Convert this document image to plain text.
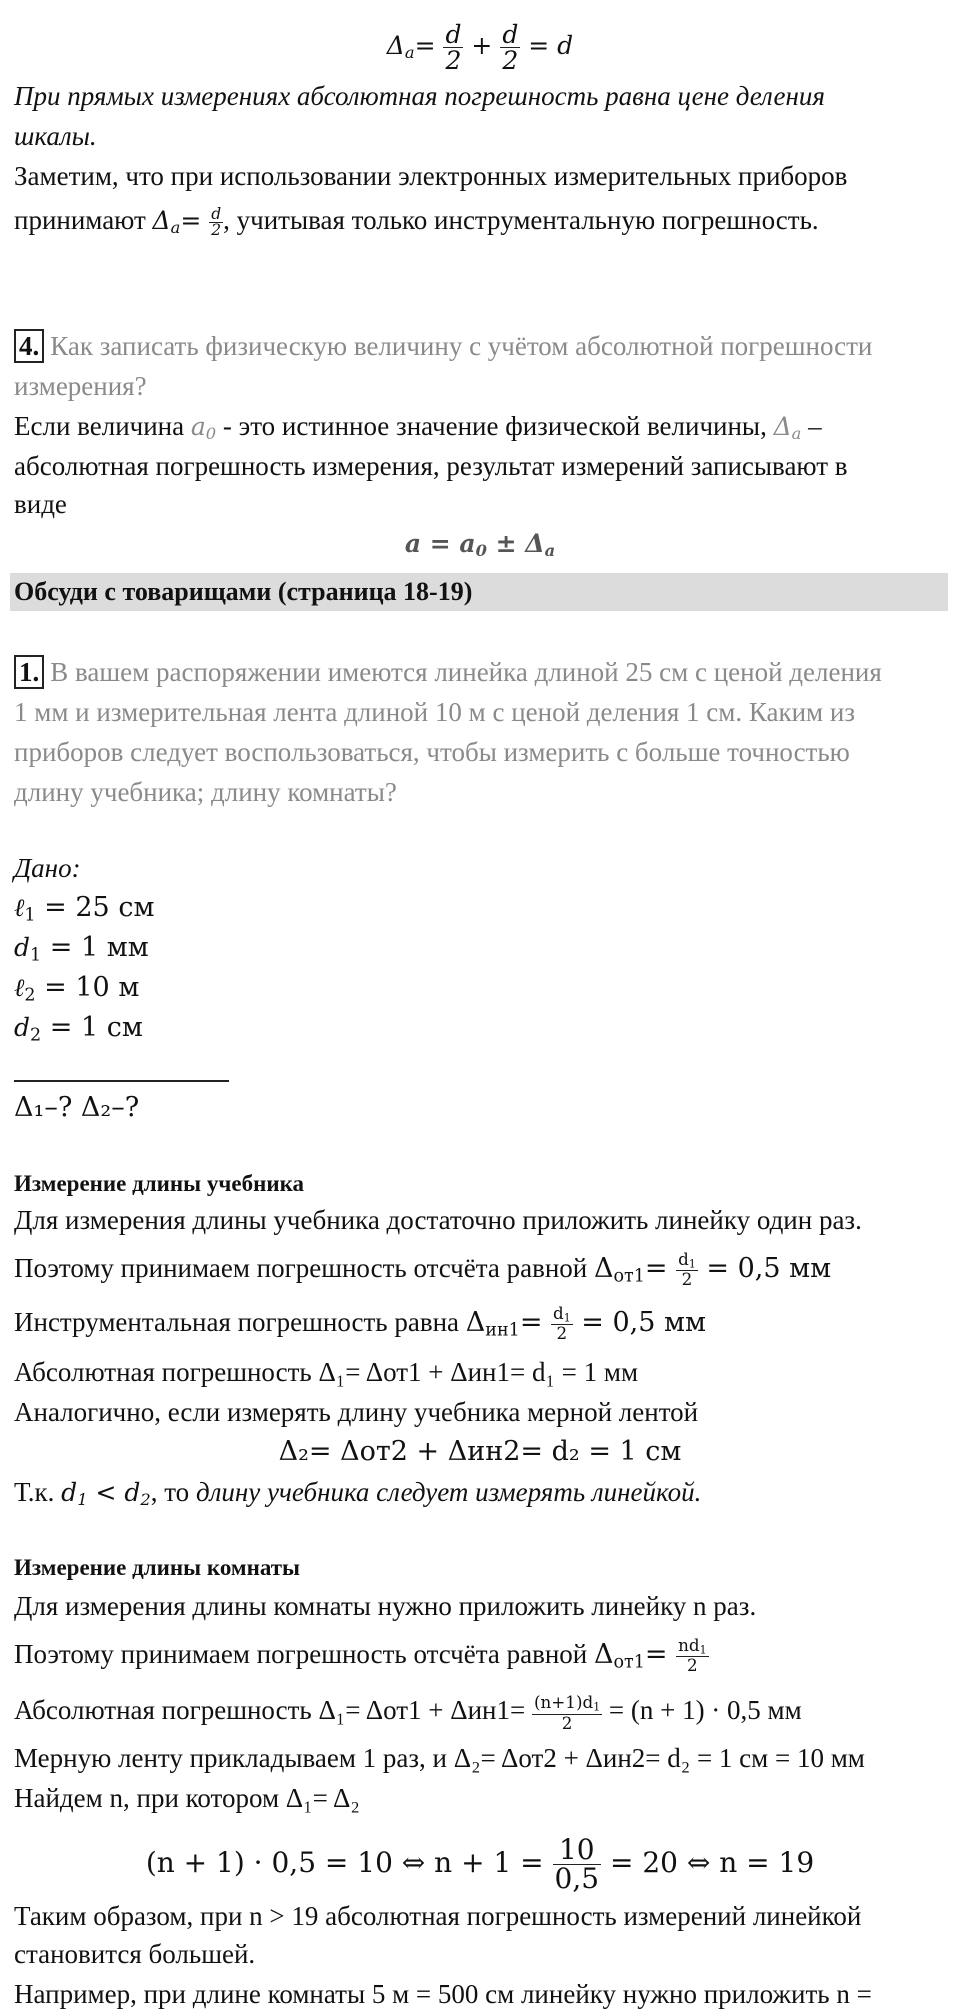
$\Delta_a= \frac{d}{2} + \frac{d}{2} = d$
При прямых измерениях абсолютная погрешность равна цене деления
шкалы.
Заметим, что при использовании электронных измерительных приборов
принимают $\Delta_a= \frac{d}{2}$ , учитывая только инструментальную погрешность.
4. Как записать физическую величину с учётом абсолютной погрешности
измерения?
Если величина $a_0$ - это истинное значение физической величины, $\Delta_a$ –
абсолютная погрешность измерения, результат измерений записывают в
виде
$a = a_0 \pm \Delta_a$
Обсуди с товарищами (страница 18-19)
1. В вашем распоряжении имеются линейка длиной 25 см с ценой деления
1 мм и измерительная лента длиной 10 м с ценой деления 1 см. Каким из
приборов следует воспользоваться, чтобы измерить с больше точностью
длину учебника; длину комнаты?
Дано:
ℓ$_1$ = 25 см
$d_1 = 1$ мм
ℓ$_2$ = 10 м
$d_2 = 1$ см
Δ₁–? Δ₂–?
Измерение длины учебника
Для измерения длины учебника достаточно приложить линейку один раз.
Поэтому принимаем погрешность отсчёта равной $\Delta_{от1}= \frac{d_1}{2} = 0,5$ мм
Инструментальная погрешность равна $\Delta_{ин1}= \frac{d_1}{2} = 0,5$ мм
Абсолютная погрешность Δ₁= Δот1 + Δин1= d₁ = 1 мм
Аналогично, если измерять длину учебника мерной лентой
Δ₂= Δот2 + Δин2= d₂ = 1 см
Т.к. $d_1 < d_2$, то длину учебника следует измерять линейкой.
Измерение длины комнаты
Для измерения длины комнаты нужно приложить линейку n раз.
Поэтому принимаем погрешность отсчёта равной $\Delta_{от1}= \frac{nd_1}{2}$
Абсолютная погрешность $\Delta_1= \Delta от1 + \Delta ин1= \frac{(n+1)d_1}{2} = (n + 1) \cdot 0,5$ мм
Мерную ленту прикладываем 1 раз, и Δ₂= Δот2 + Δин2= d₂ = 1 см = 10 мм
Найдем n, при котором Δ₁= Δ₂
(n + 1) · 0,5 = 10 ⇔ $n + 1 = \frac{10}{0,5} = 20$ ⇔ n = 19
Таким образом, при n > 19 абсолютная погрешность измерений линейкой
становится большей.
Например, при длине комнаты 5 м = 500 см линейку нужно приложить n =
